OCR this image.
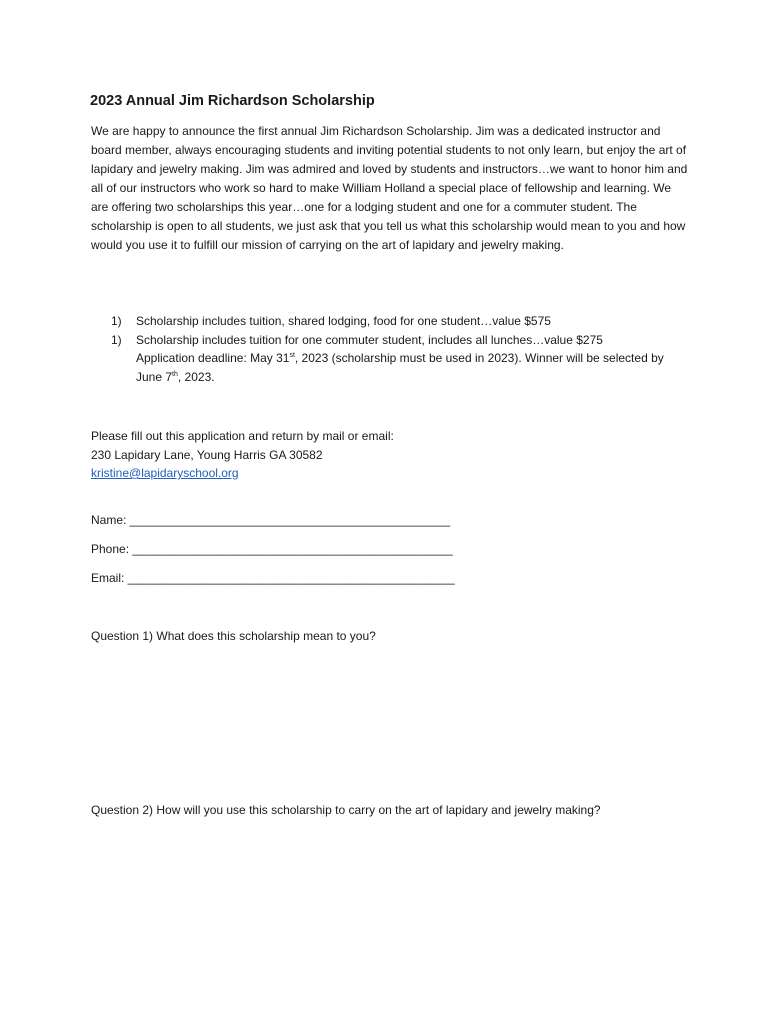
2023 Annual Jim Richardson Scholarship

We are happy to announce the first annual Jim Richardson Scholarship. Jim was a dedicated instructor and board member, always encouraging students and inviting potential students to not only learn, but enjoy the art of lapidary and jewelry making. Jim was admired and loved by students and instructors…we want to honor him and all of our instructors who work so hard to make William Holland a special place of fellowship and learning. We are offering two scholarships this year…one for a lodging student and one for a commuter student. The scholarship is open to all students, we just ask that you tell us what this scholarship would mean to you and how would you use it to fulfill our mission of carrying on the art of lapidary and jewelry making.

1)	Scholarship includes tuition, shared lodging, food for one student…value $575
1)	Scholarship includes tuition for one commuter student, includes all lunches…value $275
Application deadline: May 31st, 2023 (scholarship must be used in 2023). Winner will be selected by June 7th, 2023.
Please fill out this application and return by mail or email:
230 Lapidary Lane, Young Harris GA 30582
kristine@lapidaryschool.org
Name: ________________________________________________
Phone: ________________________________________________
Email: _________________________________________________
Question 1) What does this scholarship mean to you?
Question 2) How will you use this scholarship to carry on the art of lapidary and jewelry making?
